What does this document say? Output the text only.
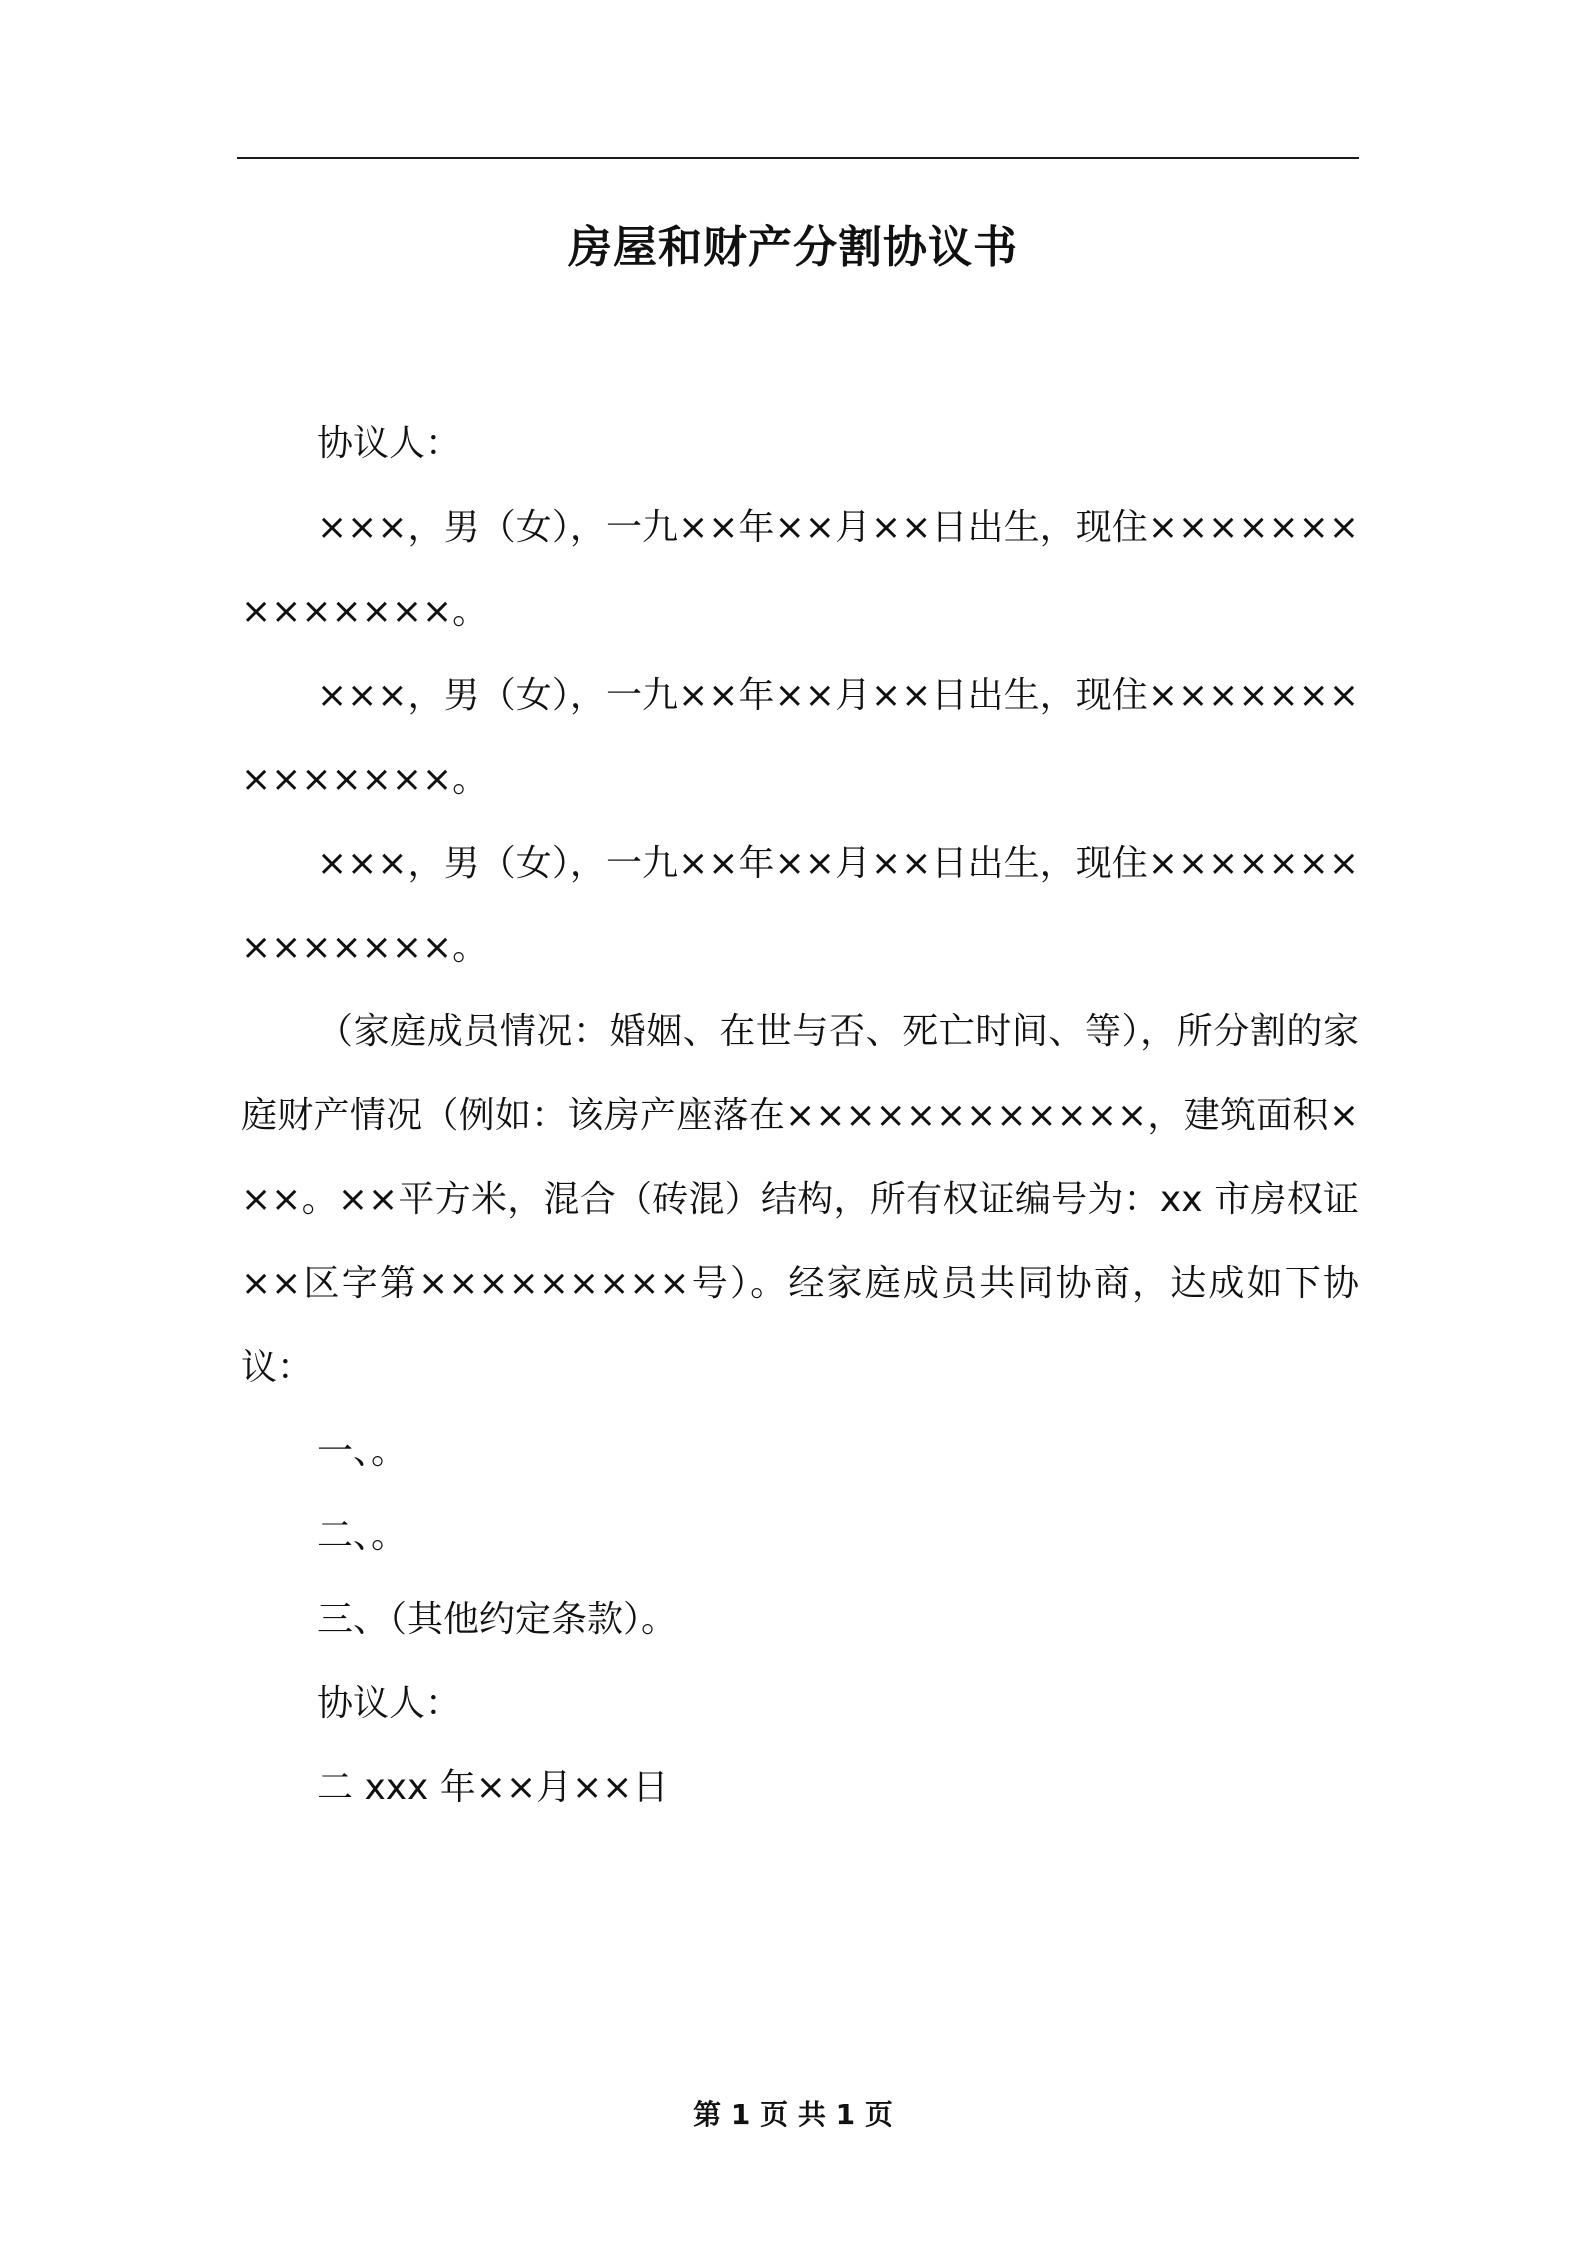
房屋和财产分割协议书

协议人：

×××，男（女），一九××年××月××日出生，现住××××××××××××××。

×××，男（女），一九××年××月××日出生，现住××××××××××××××。

×××，男（女），一九××年××月××日出生，现住××××××××××××××。

（家庭成员情况：婚姻、在世与否、死亡时间、等），所分割的家庭财产情况（例如：该房产座落在××××××××××××，建筑面积×××。××平方米，混合（砖混）结构，所有权证编号为：xx 市房权证××区字第×××××××××号）。经家庭成员共同协商，达成如下协议：

一、。

二、。

三、（其他约定条款）。

协议人：

二 xxx 年××月××日

第 1 页 共 1 页
